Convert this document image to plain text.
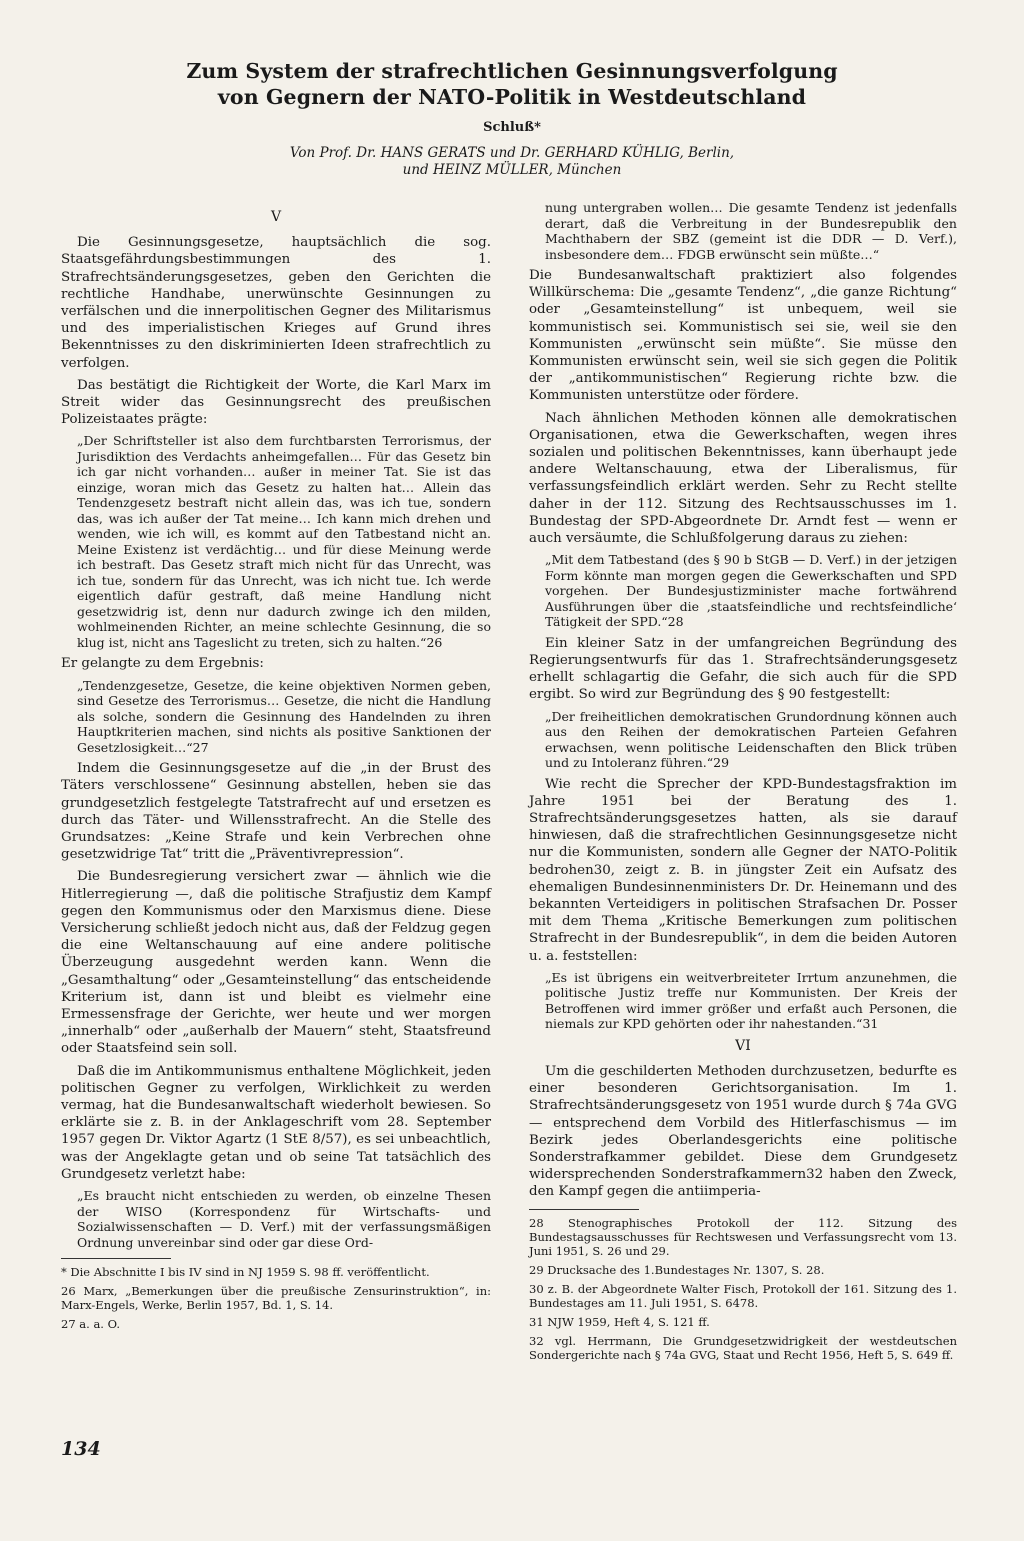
Zum System der strafrechtlichen Gesinnungsverfolgung
von Gegnern der NATO-Politik in Westdeutschland
Schluß*
Von Prof. Dr. HANS GERATS und Dr. GERHARD KÜHLIG, Berlin,
und HEINZ MÜLLER, München
V

Die Gesinnungsgesetze, hauptsächlich die sog. Staatsgefährdungsbestimmungen des 1. Strafrechtsänderungsgesetzes, geben den Gerichten die rechtliche Handhabe, unerwünschte Gesinnungen zu verfälschen und die innerpolitischen Gegner des Militarismus und des imperialistischen Krieges auf Grund ihres Bekenntnisses zu den diskriminierten Ideen strafrechtlich zu verfolgen.

Das bestätigt die Richtigkeit der Worte, die Karl Marx im Streit wider das Gesinnungsrecht des preußischen Polizeistaates prägte:

„Der Schriftsteller ist also dem furchtbarsten Terrorismus, der Jurisdiktion des Verdachts anheimgefallen… Für das Gesetz bin ich gar nicht vorhanden… außer in meiner Tat. Sie ist das einzige, woran mich das Gesetz zu halten hat… Allein das Tendenzgesetz bestraft nicht allein das, was ich tue, sondern das, was ich außer der Tat meine… Ich kann mich drehen und wenden, wie ich will, es kommt auf den Tatbestand nicht an. Meine Existenz ist verdächtig… und für diese Meinung werde ich bestraft. Das Gesetz straft mich nicht für das Unrecht, was ich tue, sondern für das Unrecht, was ich nicht tue. Ich werde eigentlich dafür gestraft, daß meine Handlung nicht gesetzwidrig ist, denn nur dadurch zwinge ich den milden, wohlmeinenden Richter, an meine schlechte Gesinnung, die so klug ist, nicht ans Tageslicht zu treten, sich zu halten.“26

Er gelangte zu dem Ergebnis:

„Tendenzgesetze, Gesetze, die keine objektiven Normen geben, sind Gesetze des Terrorismus… Gesetze, die nicht die Handlung als solche, sondern die Gesinnung des Handelnden zu ihren Hauptkriterien machen, sind nichts als positive Sanktionen der Gesetzlosigkeit…“27

Indem die Gesinnungsgesetze auf die „in der Brust des Täters verschlossene“ Gesinnung abstellen, heben sie das grundgesetzlich festgelegte Tatstrafrecht auf und ersetzen es durch das Täter- und Willensstrafrecht. An die Stelle des Grundsatzes: „Keine Strafe und kein Verbrechen ohne gesetzwidrige Tat“ tritt die „Präventivrepression“.

Die Bundesregierung versichert zwar — ähnlich wie die Hitlerregierung —, daß die politische Strafjustiz dem Kampf gegen den Kommunismus oder den Marxismus diene. Diese Versicherung schließt jedoch nicht aus, daß der Feldzug gegen die eine Weltanschauung auf eine andere politische Überzeugung ausgedehnt werden kann. Wenn die „Gesamthaltung“ oder „Gesamteinstellung“ das entscheidende Kriterium ist, dann ist und bleibt es vielmehr eine Ermessensfrage der Gerichte, wer heute und wer morgen „innerhalb“ oder „außerhalb der Mauern“ steht, Staatsfreund oder Staatsfeind sein soll.

Daß die im Antikommunismus enthaltene Möglichkeit, jeden politischen Gegner zu verfolgen, Wirklichkeit zu werden vermag, hat die Bundesanwaltschaft wiederholt bewiesen. So erklärte sie z. B. in der Anklageschrift vom 28. September 1957 gegen Dr. Viktor Agartz (1 StE 8/57), es sei unbeachtlich, was der Angeklagte getan und ob seine Tat tatsächlich des Grundgesetz verletzt habe:

„Es braucht nicht entschieden zu werden, ob einzelne Thesen der WISO (Korrespondenz für Wirtschafts- und Sozialwissenschaften — D. Verf.) mit der verfassungsmäßigen Ordnung unvereinbar sind oder gar diese Ord-

* Die Abschnitte I bis IV sind in NJ 1959 S. 98 ff. veröffentlicht.

26 Marx, „Bemerkungen über die preußische Zensurinstruktion“, in: Marx-Engels, Werke, Berlin 1957, Bd. 1, S. 14.

27 a. a. O.

nung untergraben wollen… Die gesamte Tendenz ist jedenfalls derart, daß die Verbreitung in der Bundesrepublik den Machthabern der SBZ (gemeint ist die DDR — D. Verf.), insbesondere dem… FDGB erwünscht sein müßte…“

Die Bundesanwaltschaft praktiziert also folgendes Willkürschema: Die „gesamte Tendenz“, „die ganze Richtung“ oder „Gesamteinstellung“ ist unbequem, weil sie kommunistisch sei. Kommunistisch sei sie, weil sie den Kommunisten „erwünscht sein müßte“. Sie müsse den Kommunisten erwünscht sein, weil sie sich gegen die Politik der „antikommunistischen“ Regierung richte bzw. die Kommunisten unterstütze oder fördere.

Nach ähnlichen Methoden können alle demokratischen Organisationen, etwa die Gewerkschaften, wegen ihres sozialen und politischen Bekenntnisses, kann überhaupt jede andere Weltanschauung, etwa der Liberalismus, für verfassungsfeindlich erklärt werden. Sehr zu Recht stellte daher in der 112. Sitzung des Rechtsausschusses im 1. Bundestag der SPD-Abgeordnete Dr. Arndt fest — wenn er auch versäumte, die Schlußfolgerung daraus zu ziehen:

„Mit dem Tatbestand (des § 90 b StGB — D. Verf.) in der jetzigen Form könnte man morgen gegen die Gewerkschaften und SPD vorgehen. Der Bundesjustizminister mache fortwährend Ausführungen über die ‚staatsfeindliche und rechtsfeindliche‘ Tätigkeit der SPD.“28

Ein kleiner Satz in der umfangreichen Begründung des Regierungsentwurfs für das 1. Strafrechtsänderungsgesetz erhellt schlagartig die Gefahr, die sich auch für die SPD ergibt. So wird zur Begründung des § 90 festgestellt:

„Der freiheitlichen demokratischen Grundordnung können auch aus den Reihen der demokratischen Parteien Gefahren erwachsen, wenn politische Leidenschaften den Blick trüben und zu Intoleranz führen.“29

Wie recht die Sprecher der KPD-Bundestagsfraktion im Jahre 1951 bei der Beratung des 1. Strafrechtsänderungsgesetzes hatten, als sie darauf hinwiesen, daß die strafrechtlichen Gesinnungsgesetze nicht nur die Kommunisten, sondern alle Gegner der NATO-Politik bedrohen30, zeigt z. B. in jüngster Zeit ein Aufsatz des ehemaligen Bundesinnenministers Dr. Dr. Heinemann und des bekannten Verteidigers in politischen Strafsachen Dr. Posser mit dem Thema „Kritische Bemerkungen zum politischen Strafrecht in der Bundesrepublik“, in dem die beiden Autoren u. a. feststellen:

„Es ist übrigens ein weitverbreiteter Irrtum anzunehmen, die politische Justiz treffe nur Kommunisten. Der Kreis der Betroffenen wird immer größer und erfaßt auch Personen, die niemals zur KPD gehörten oder ihr nahestanden.“31

VI

Um die geschilderten Methoden durchzusetzen, bedurfte es einer besonderen Gerichtsorganisation. Im 1. Strafrechtsänderungsgesetz von 1951 wurde durch § 74a GVG — entsprechend dem Vorbild des Hitlerfaschismus — im Bezirk jedes Oberlandesgerichts eine politische Sonderstrafkammer gebildet. Diese dem Grundgesetz widersprechenden Sonderstrafkammern32 haben den Zweck, den Kampf gegen die antiimperia-

28 Stenographisches Protokoll der 112. Sitzung des Bundestagsausschusses für Rechtswesen und Verfassungsrecht vom 13. Juni 1951, S. 26 und 29.

29 Drucksache des 1.Bundestages Nr. 1307, S. 28.

30 z. B. der Abgeordnete Walter Fisch, Protokoll der 161. Sitzung des 1. Bundestages am 11. Juli 1951, S. 6478.

31 NJW 1959, Heft 4, S. 121 ff.

32 vgl. Herrmann, Die Grundgesetzwidrigkeit der westdeutschen Sondergerichte nach § 74a GVG, Staat und Recht 1956, Heft 5, S. 649 ff.

134
